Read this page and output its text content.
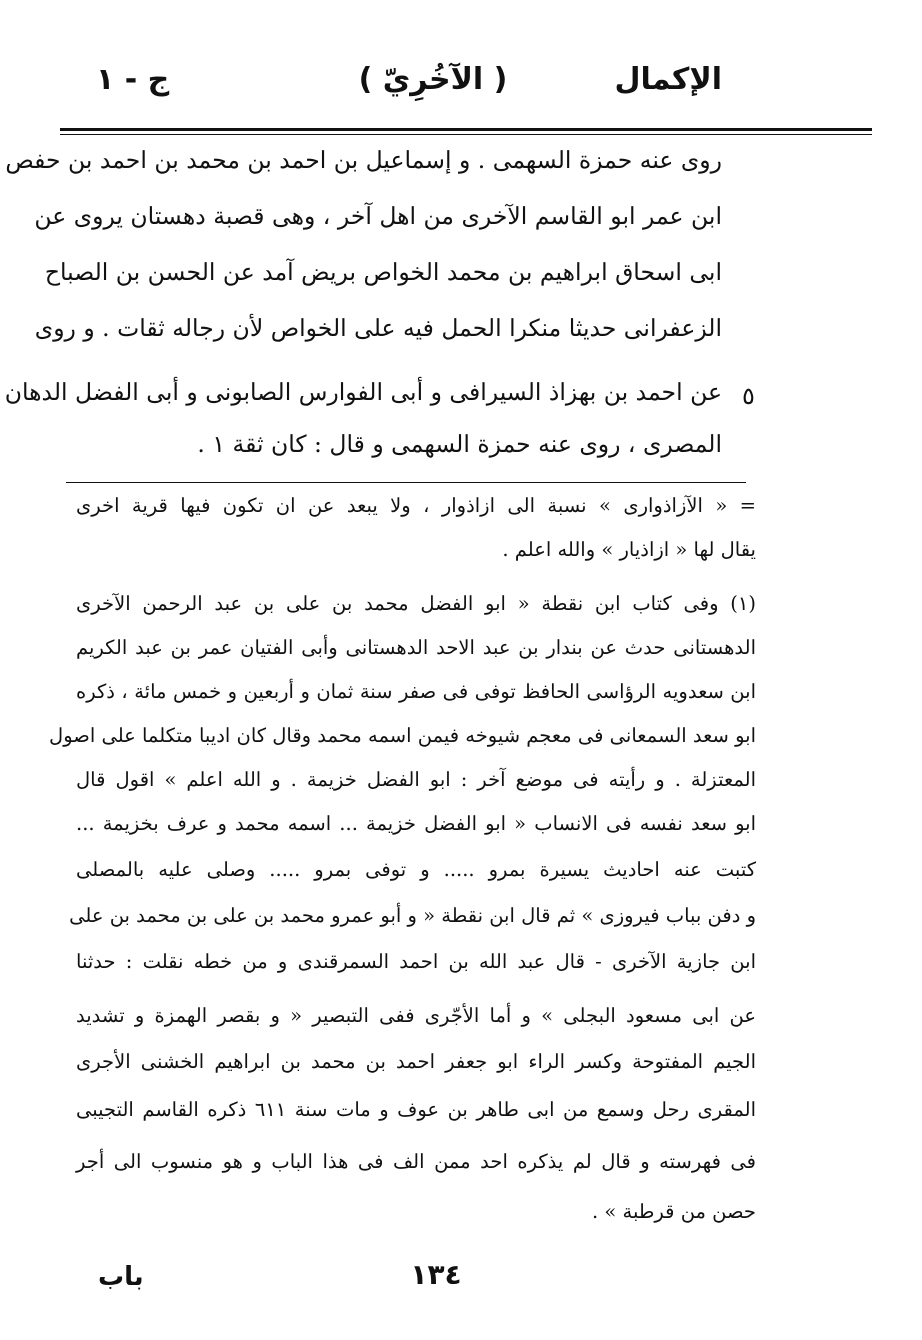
الإكمال
( الآخُرِيّ )
ج - ١
روى عنه حمزة السهمى . و إسماعيل بن احمد بن محمد بن احمد بن حفص
ابن عمر ابو القاسم الآخرى من اهل آخر ، وهى قصبة دهستان يروى عن
ابى اسحاق ابراهيم بن محمد الخواص بريض آمد عن الحسن بن الصباح
الزعفرانى حديثا منكرا الحمل فيه على الخواص لأن رجاله ثقات . و روى
عن احمد بن بهزاذ السيرافى و أبى الفوارس الصابونى و أبى الفضل الدهان
المصرى ، روى عنه حمزة السهمى و قال : كان ثقة ١ .
٥
= « الآزاذوارى » نسبة الى ازاذوار ، ولا يبعد عن ان تكون فيها قرية اخرى
يقال لها « ازاذيار » والله اعلم .
(١) وفى كتاب ابن نقطة « ابو الفضل محمد بن على بن عبد الرحمن الآخرى
الدهستانى حدث عن بندار بن عبد الاحد الدهستانى وأبى الفتيان عمر بن عبد الكريم
ابن سعدويه الرؤاسى الحافظ توفى فى صفر سنة ثمان و أربعين و خمس مائة ، ذكره
ابو سعد السمعانى فى معجم شيوخه فيمن اسمه محمد وقال كان اديبا متكلما على اصول
المعتزلة . و رأيته فى موضع آخر : ابو الفضل خزيمة . و الله اعلم » اقول قال
ابو سعد نفسه فى الانساب « ابو الفضل خزيمة ... اسمه محمد و عرف بخزيمة ...
كتبت عنه احاديث يسيرة بمرو ..... و توفى بمرو ..... وصلى عليه بالمصلى
و دفن بباب فيروزى » ثم قال ابن نقطة « و أبو عمرو محمد بن على بن محمد بن على
ابن جازية الآخرى - قال عبد الله بن احمد السمرقندى و من خطه نقلت : حدثنا
عن ابى مسعود البجلى » و أما الأجّرى ففى التبصير « و بقصر الهمزة و تشديد
الجيم المفتوحة وكسر الراء ابو جعفر احمد بن محمد بن ابراهيم الخشنى الأجرى
المقرى رحل وسمع من ابى طاهر بن عوف و مات سنة ٦١١ ذكره القاسم التجيبى
فى فهرسته و قال لم يذكره احد ممن الف فى هذا الباب و هو منسوب الى أجر
حصن من قرطبة » .
١٣٤
باب
